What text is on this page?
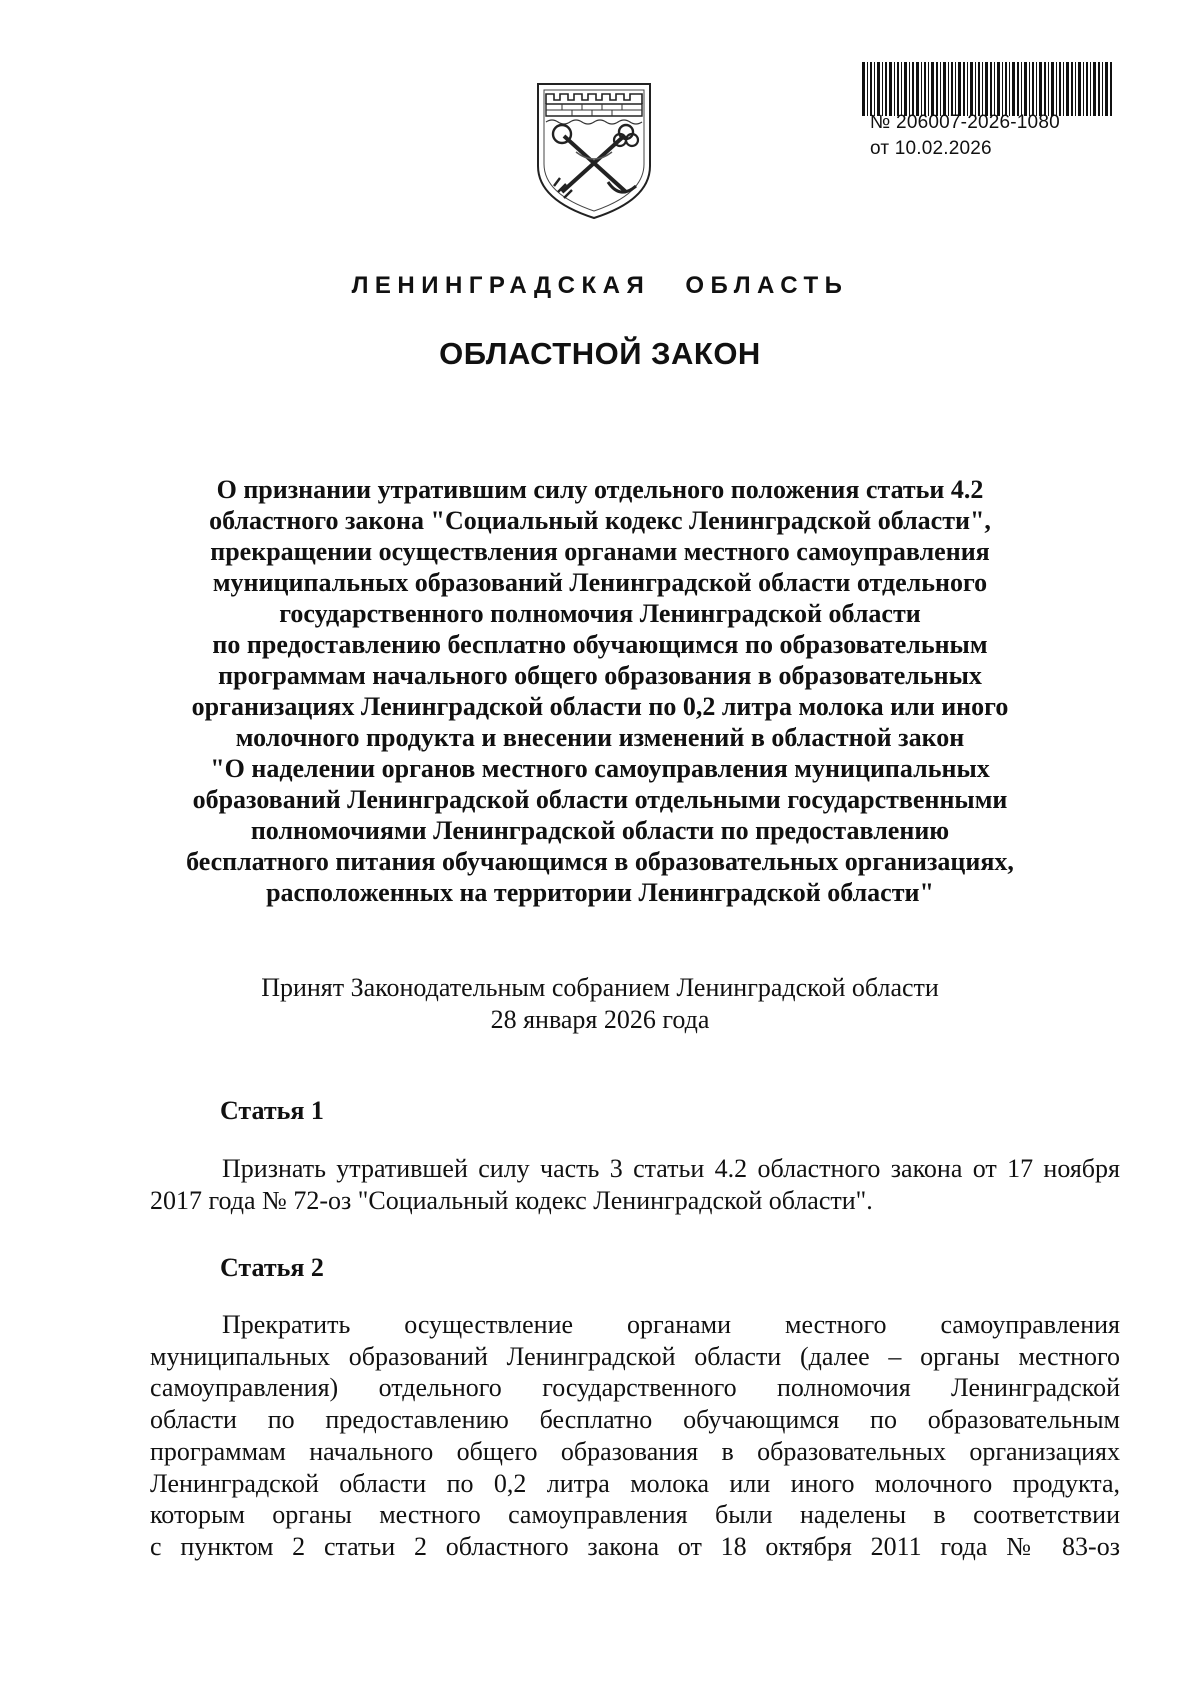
№ 206007-2026-1080
от 10.02.2026
ЛЕНИНГРАДСКАЯ ОБЛАСТЬ
ОБЛАСТНОЙ ЗАКОН
О признании утратившим силу отдельного положения статьи 4.2
областного закона "Социальный кодекс Ленинградской области",
прекращении осуществления органами местного самоуправления
муниципальных образований Ленинградской области отдельного
государственного полномочия Ленинградской области
по предоставлению бесплатно обучающимся по образовательным
программам начального общего образования в образовательных
организациях Ленинградской области по 0,2 литра молока или иного
молочного продукта и внесении изменений в областной закон
"О наделении органов местного самоуправления муниципальных
образований Ленинградской области отдельными государственными
полномочиями Ленинградской области по предоставлению
бесплатного питания обучающимся в образовательных организациях,
расположенных на территории Ленинградской области"
Принят Законодательным собранием Ленинградской области
28 января 2026 года
Статья 1

Признать утратившей силу часть 3 статьи 4.2 областного закона от 17 ноября
2017 года № 72-оз "Социальный кодекс Ленинградской области".

Статья 2

Прекратить осуществление органами местного самоуправления
муниципальных образований Ленинградской области (далее – органы местного
самоуправления) отдельного государственного полномочия Ленинградской
области по предоставлению бесплатно обучающимся по образовательным
программам начального общего образования в образовательных организациях
Ленинградской области по 0,2 литра молока или иного молочного продукта,
которым органы местного самоуправления были наделены в соответствии
с пунктом 2 статьи 2 областного закона от 18 октября 2011 года № 83-оз
